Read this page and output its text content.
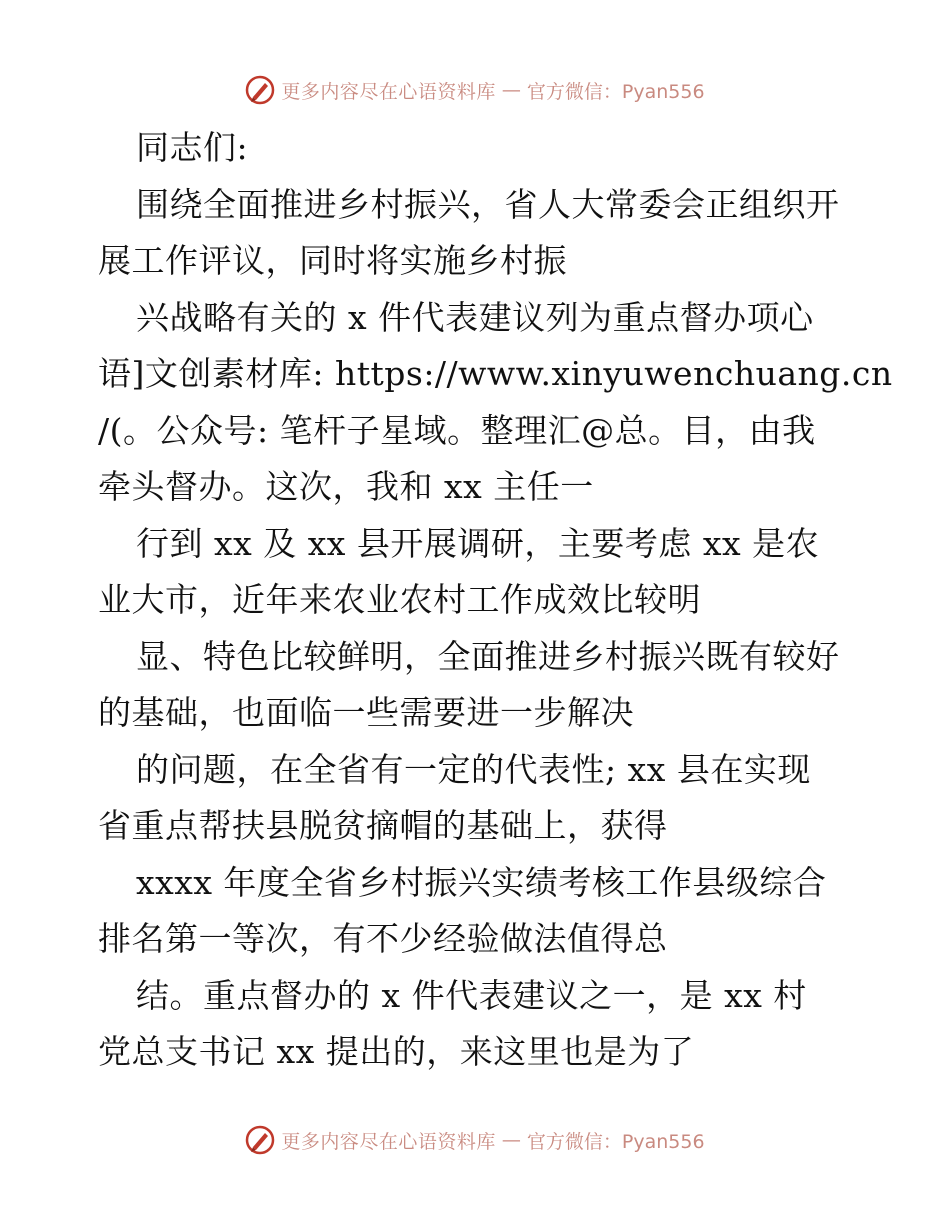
更多内容尽在心语资料库 — 官方微信：Pyan556
同志们:
围绕全面推进乡村振兴，省人大常委会正组织开
展工作评议，同时将实施乡村振
兴战略有关的 x 件代表建议列为重点督办项心
语]文创素材库: https://www.xinyuwenchuang.cn
/(。公众号: 笔杆子星域。整理汇@总。目，由我
牵头督办。这次，我和 xx 主任一
行到 xx 及 xx 县开展调研，主要考虑 xx 是农
业大市，近年来农业农村工作成效比较明
显、特色比较鲜明，全面推进乡村振兴既有较好
的基础，也面临一些需要进一步解决
的问题，在全省有一定的代表性; xx 县在实现
省重点帮扶县脱贫摘帽的基础上，获得
xxxx 年度全省乡村振兴实绩考核工作县级综合
排名第一等次，有不少经验做法值得总
结。重点督办的 x 件代表建议之一，是 xx 村
党总支书记 xx 提出的，来这里也是为了
更多内容尽在心语资料库 — 官方微信：Pyan556
